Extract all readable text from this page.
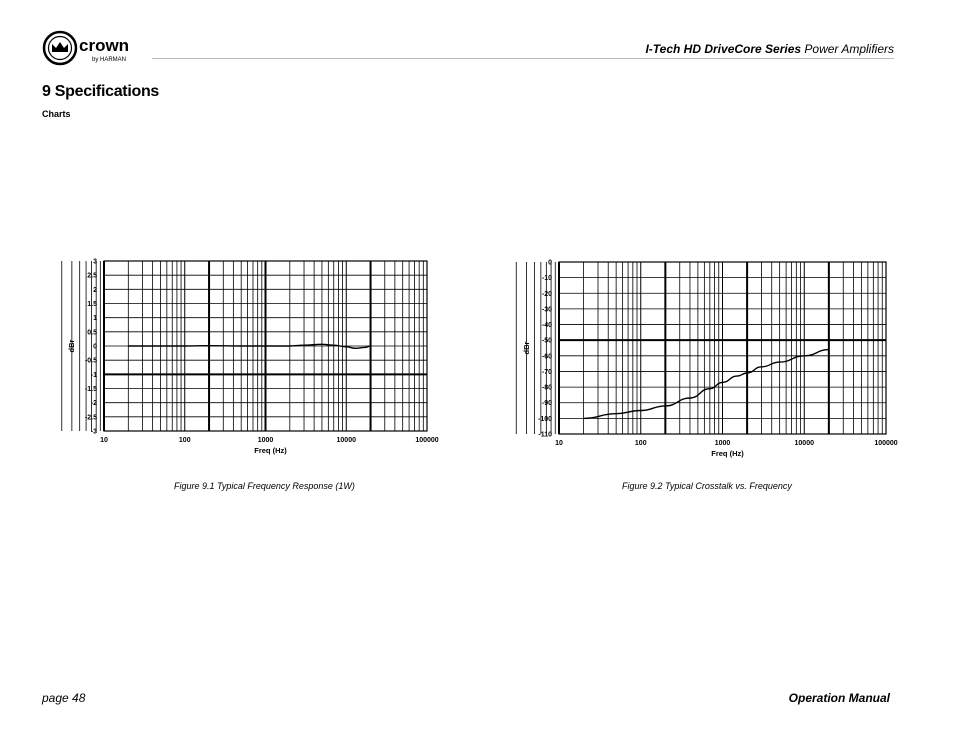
crown
by HARMAN
I-Tech HD DriveCore Series Power Amplifiers
9 Specifications
Charts
3
2.5
2
1.5
1
0.5
0
-0.5
-1
-1.5
-2
-2.5
-3
10	100	1000	10000	100000
Freq (Hz)
dBr
Figure 9.1 Typical Frequency Response (1W)
0
-10
-20
-30
-40
-50
-60
-70
-80
-90
-100
-110
10	100	1000	10000	100000
Freq (Hz)
dBr
Figure 9.2 Typical Crosstalk vs. Frequency
page 48	Operation Manual
